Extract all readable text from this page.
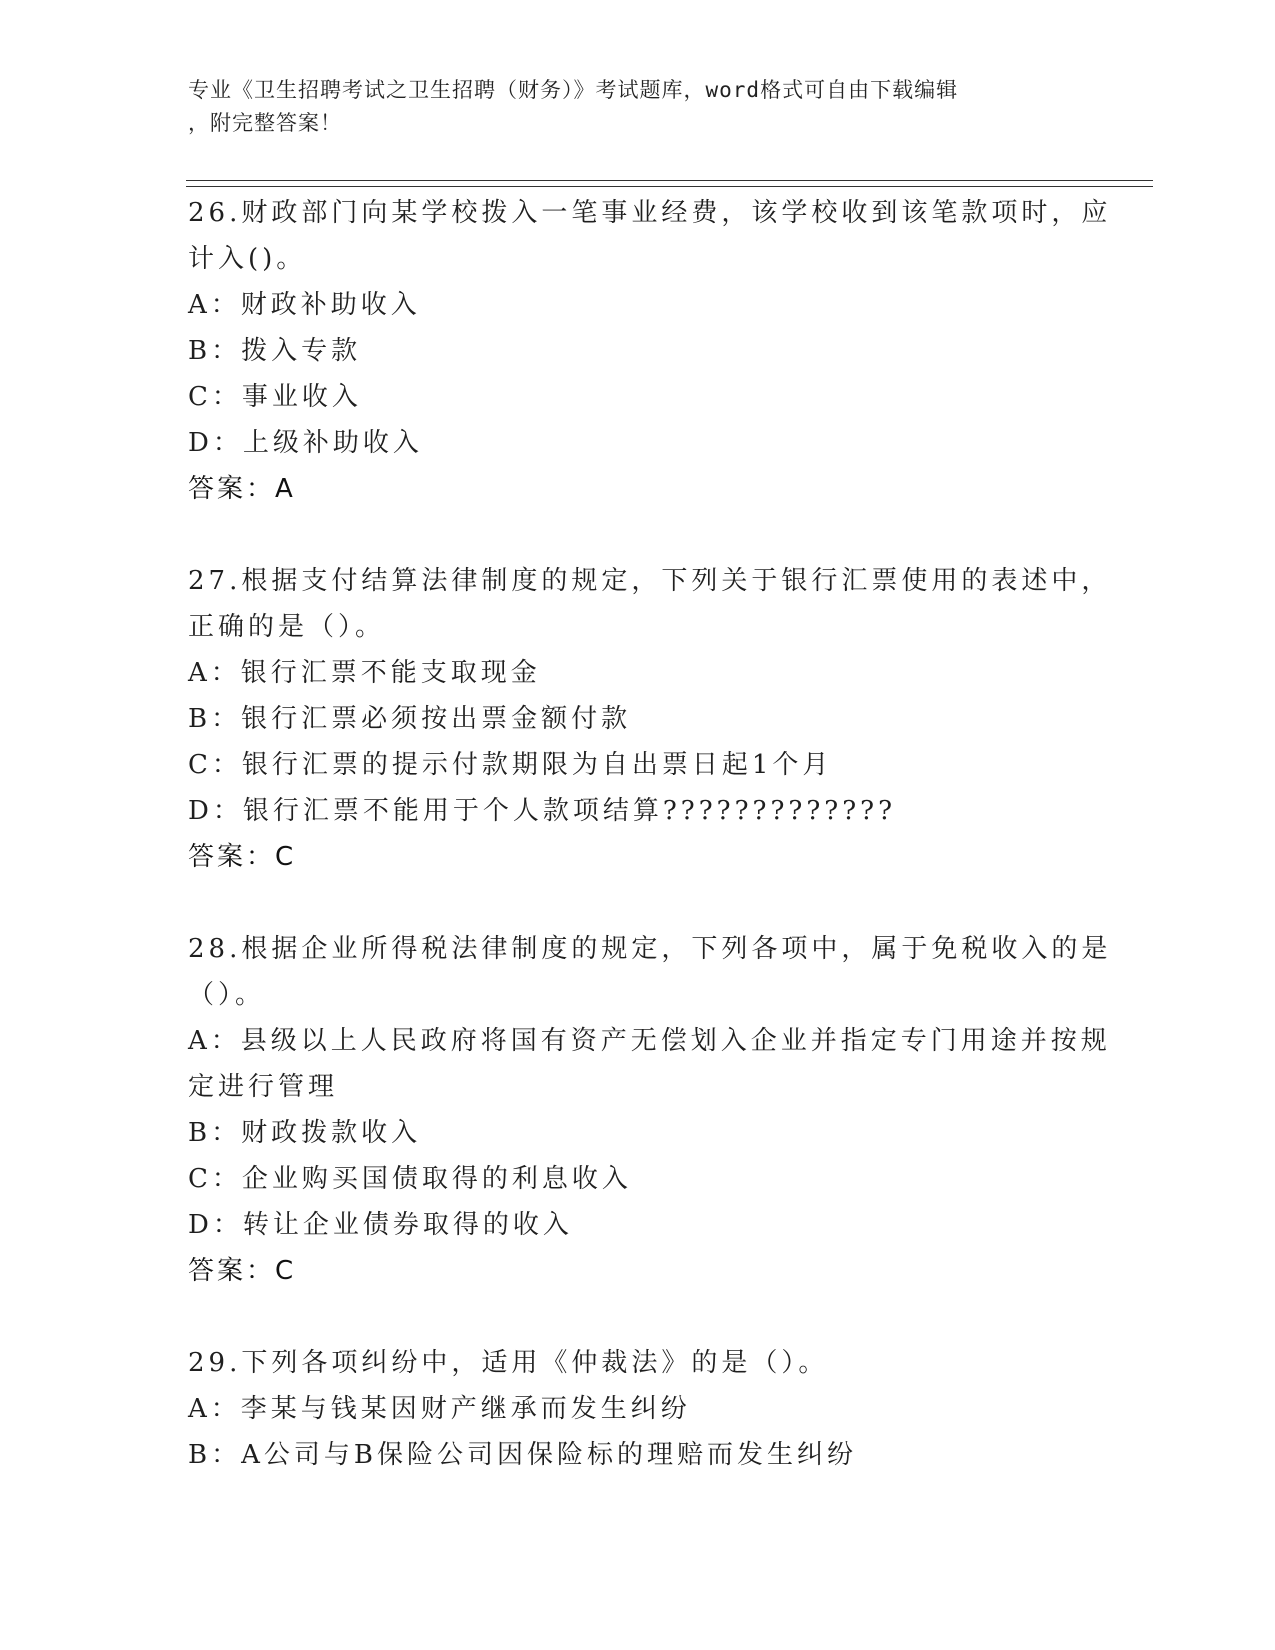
专业《卫生招聘考试之卫生招聘（财务）》考试题库，word格式可自由下载编辑
，附完整答案！
26.财政部门向某学校拨入一笔事业经费，该学校收到该笔款项时，应
计入()。
A：财政补助收入
B：拨入专款
C：事业收入
D：上级补助收入
答案：A
27.根据支付结算法律制度的规定，下列关于银行汇票使用的表述中，
正确的是（）。
A：银行汇票不能支取现金
B：银行汇票必须按出票金额付款
C：银行汇票的提示付款期限为自出票日起1个月
D：银行汇票不能用于个人款项结算?????????????
答案：C
28.根据企业所得税法律制度的规定，下列各项中，属于免税收入的是
（）。
A：县级以上人民政府将国有资产无偿划入企业并指定专门用途并按规
定进行管理
B：财政拨款收入
C：企业购买国债取得的利息收入
D：转让企业债券取得的收入
答案：C
29.下列各项纠纷中，适用《仲裁法》的是（）。
A：李某与钱某因财产继承而发生纠纷
B：A公司与B保险公司因保险标的理赔而发生纠纷
